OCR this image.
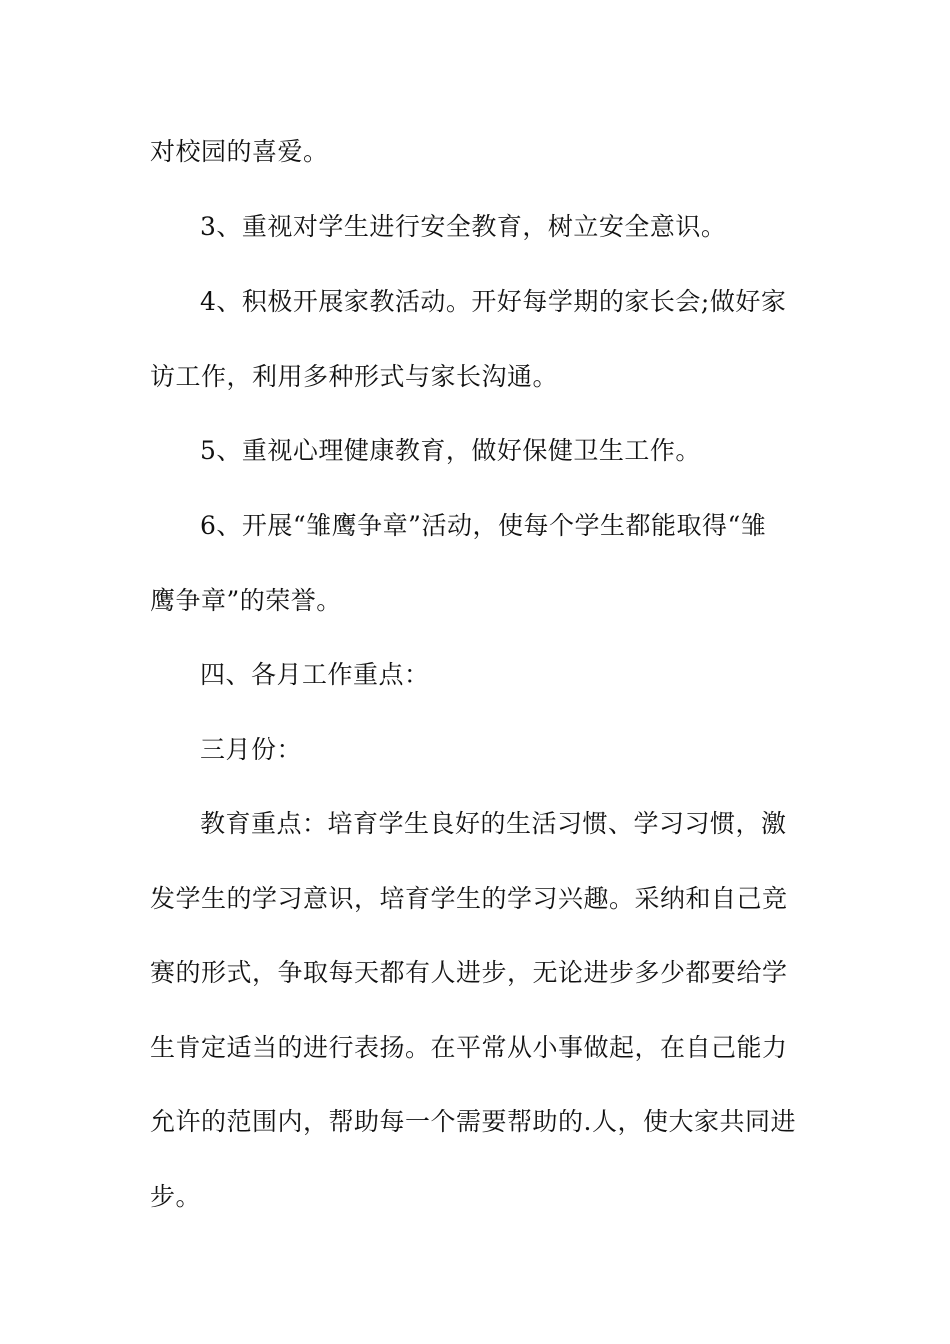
对校园的喜爱。
3、重视对学生进行安全教育，树立安全意识。
4、积极开展家教活动。开好每学期的家长会;做好家
访工作，利用多种形式与家长沟通。
5、重视心理健康教育，做好保健卫生工作。
6、开展“雏鹰争章”活动，使每个学生都能取得“雏
鹰争章”的荣誉。
四、各月工作重点：
三月份：
教育重点：培育学生良好的生活习惯、学习习惯，激
发学生的学习意识，培育学生的学习兴趣。采纳和自己竞
赛的形式，争取每天都有人进步，无论进步多少都要给学
生肯定适当的进行表扬。在平常从小事做起，在自己能力
允许的范围内，帮助每一个需要帮助的.人，使大家共同进
步。
